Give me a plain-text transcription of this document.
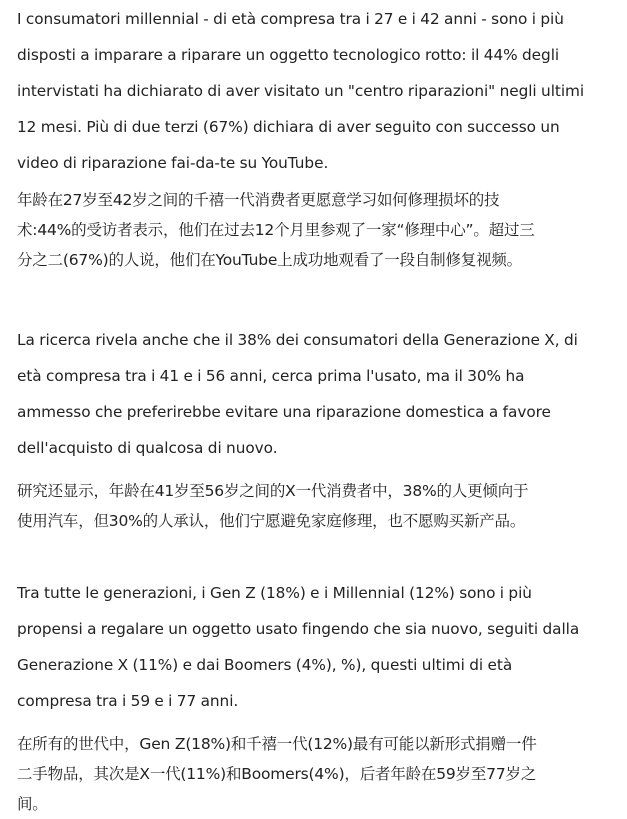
I consumatori millennial - di età compresa tra i 27 e i 42 anni - sono i più
disposti a imparare a riparare un oggetto tecnologico rotto: il 44% degli
intervistati ha dichiarato di aver visitato un "centro riparazioni" negli ultimi
12 mesi. Più di due terzi (67%) dichiara di aver seguito con successo un
video di riparazione fai-da-te su YouTube.

年龄在27岁至42岁之间的千禧一代消费者更愿意学习如何修理损坏的技
术:44%的受访者表示，他们在过去12个月里参观了一家“修理中心”。超过三
分之二(67%)的人说，他们在YouTube上成功地观看了一段自制修复视频。

La ricerca rivela anche che il 38% dei consumatori della Generazione X, di
età compresa tra i 41 e i 56 anni, cerca prima l'usato, ma il 30% ha
ammesso che preferirebbe evitare una riparazione domestica a favore
dell'acquisto di qualcosa di nuovo.

研究还显示，年龄在41岁至56岁之间的X一代消费者中，38%的人更倾向于
使用汽车，但30%的人承认，他们宁愿避免家庭修理，也不愿购买新产品。

Tra tutte le generazioni, i Gen Z (18%) e i Millennial (12%) sono i più
propensi a regalare un oggetto usato fingendo che sia nuovo, seguiti dalla
Generazione X (11%) e dai Boomers (4%), %), questi ultimi di età
compresa tra i 59 e i 77 anni.

在所有的世代中，Gen Z(18%)和千禧一代(12%)最有可能以新形式捐赠一件
二手物品，其次是X一代(11%)和Boomers(4%)，后者年龄在59岁至77岁之
间。
